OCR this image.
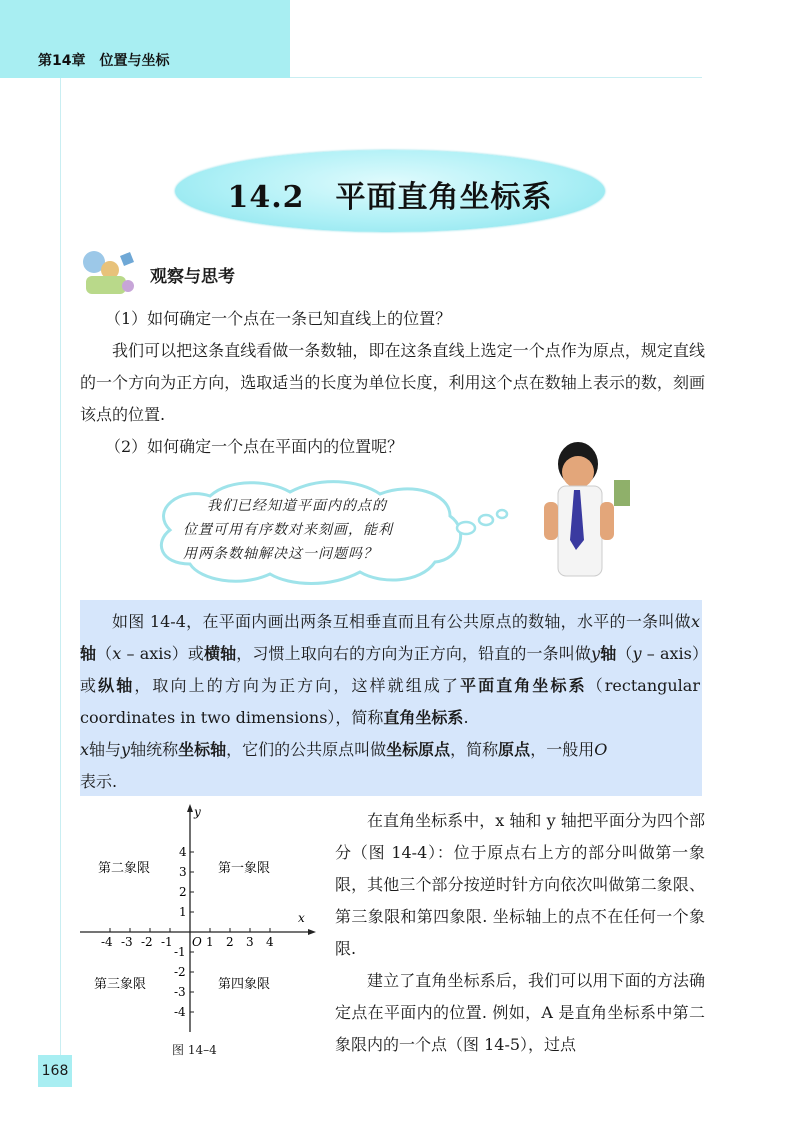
第14章　位置与坐标
14.2　平面直角坐标系
观察与思考

（1）如何确定一个点在一条已知直线上的位置？

我们可以把这条直线看做一条数轴，即在这条直线上选定一个点作为原点，规定直线的一个方向为正方向，选取适当的长度为单位长度，利用这个点在数轴上表示的数，刻画该点的位置.

（2）如何确定一个点在平面内的位置呢？

我们已经知道平面内的点的
位置可用有序数对来刻画，能利
用两条数轴解决这一问题吗？
如图 14-4，在平面内画出两条互相垂直而且有公共原点的数轴，水平的一条叫做x轴（x – axis）或横轴，习惯上取向右的方向为正方向，铅直的一条叫做y轴（y – axis）或纵轴，取向上的方向为正方向，这样就组成了平面直角坐标系（rectangular　coordinates in two dimensions），简称直角坐标系.
x轴与y轴统称坐标轴，它们的公共原点叫做坐标原点，简称原点，一般用O
表示.
-4 -3 -2 -1	1 2 3 4
4
3
2
1
-1
-2
-3
-4
x
y
O
第一象限
第二象限
第三象限	第四象限
图 14–4

在直角坐标系中，x 轴和 y 轴把平面分为四个部分（图 14-4）：位于原点右上方的部分叫做第一象限，其他三个部分按逆时针方向依次叫做第二象限、第三象限和第四象限. 坐标轴上的点不在任何一个象限.

建立了直角坐标系后，我们可以用下面的方法确定点在平面内的位置. 例如，A 是直角坐标系中第二象限内的一个点（图 14-5），过点

168
